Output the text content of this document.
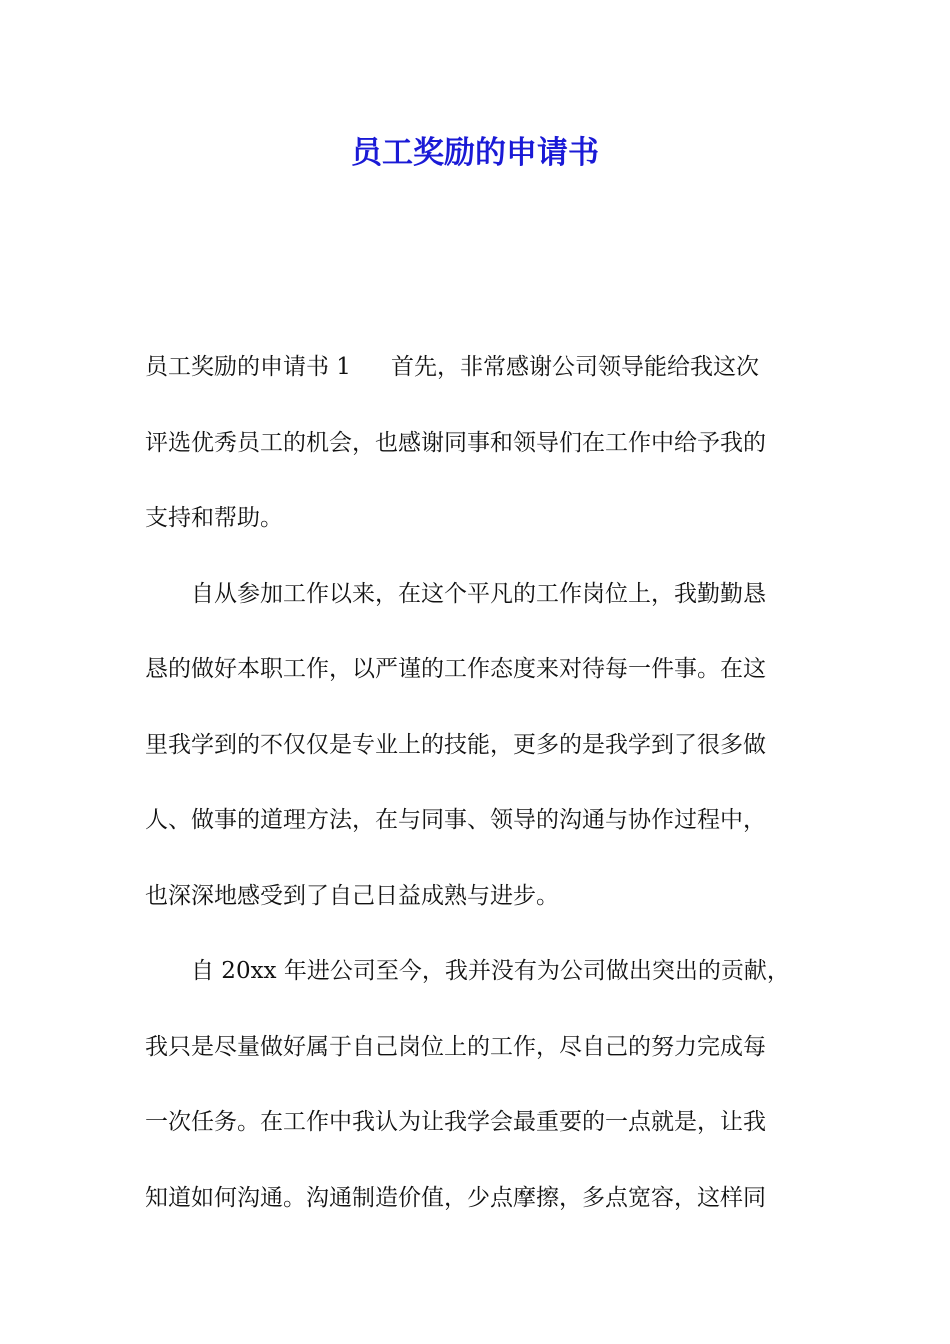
员工奖励的申请书
员工奖励的申请书 1 首先，非常感谢公司领导能给我这次
评选优秀员工的机会，也感谢同事和领导们在工作中给予我的
支持和帮助。
自从参加工作以来，在这个平凡的工作岗位上，我勤勤恳
恳的做好本职工作，以严谨的工作态度来对待每一件事。在这
里我学到的不仅仅是专业上的技能，更多的是我学到了很多做
人、做事的道理方法，在与同事、领导的沟通与协作过程中，
也深深地感受到了自己日益成熟与进步。
自 20xx 年进公司至今，我并没有为公司做出突出的贡献，
我只是尽量做好属于自己岗位上的工作，尽自己的努力完成每
一次任务。在工作中我认为让我学会最重要的一点就是，让我
知道如何沟通。沟通制造价值，少点摩擦，多点宽容，这样同
